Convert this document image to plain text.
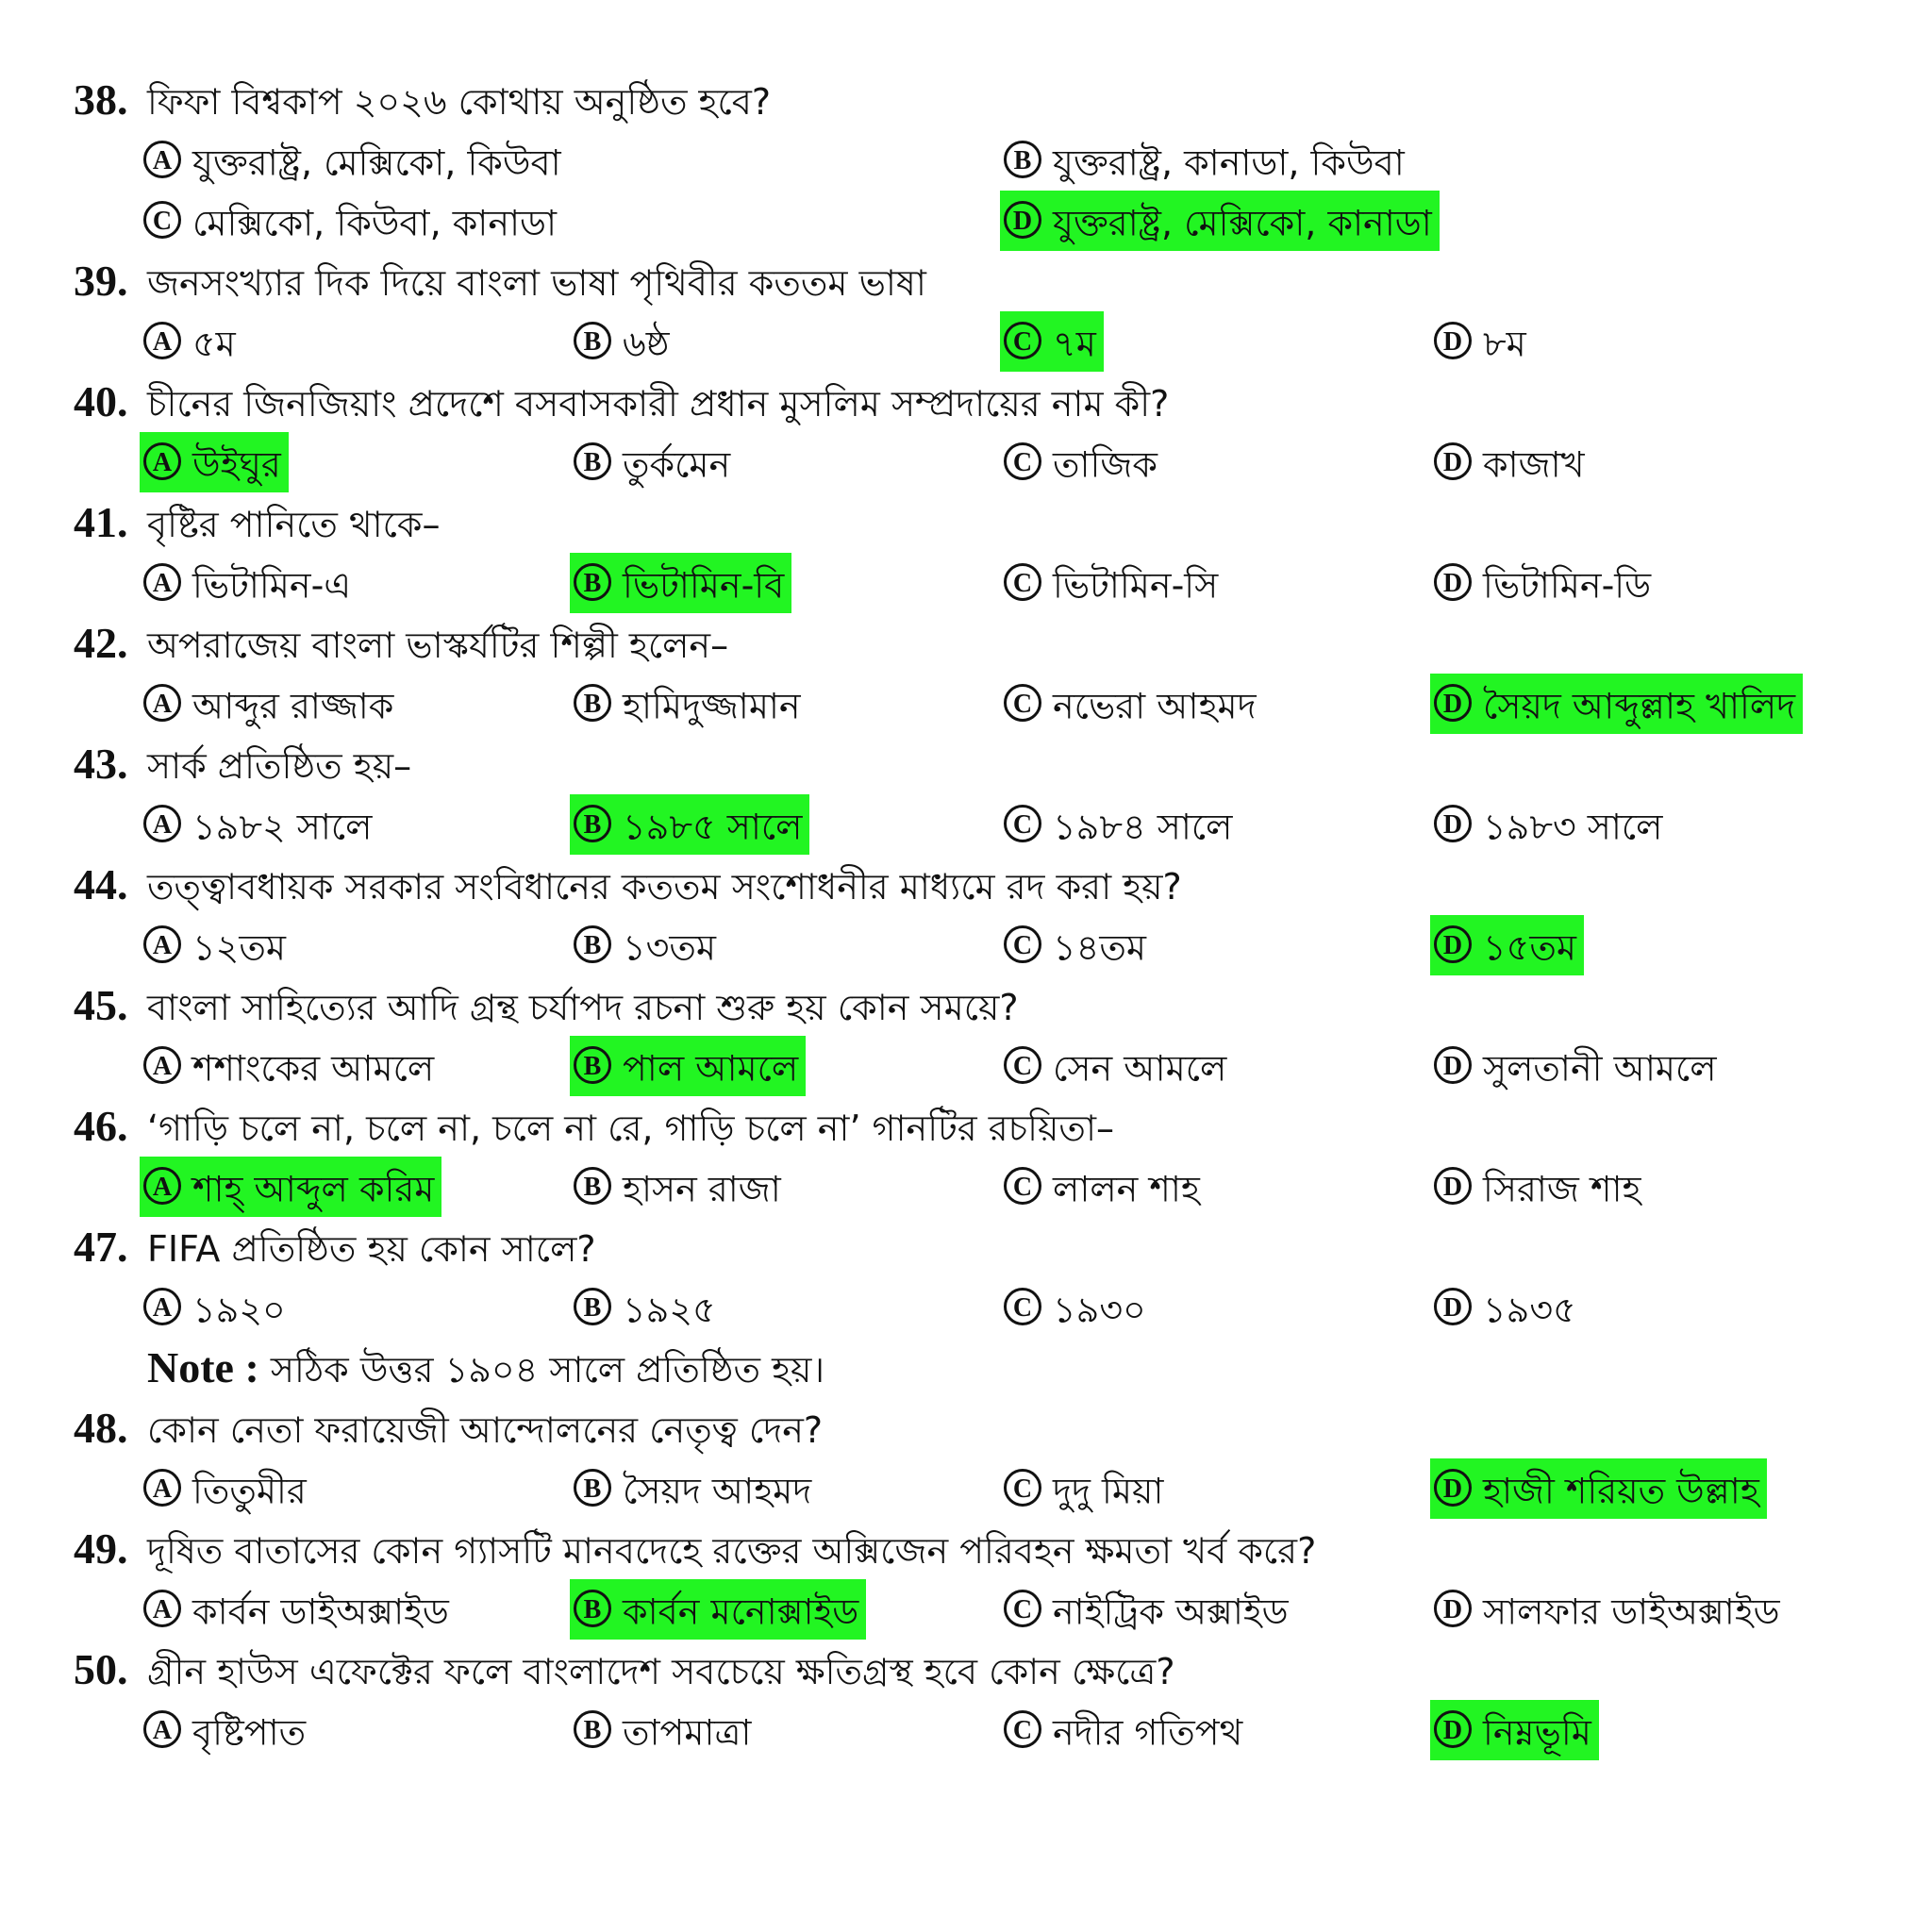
38. ফিফা বিশ্বকাপ ২০২৬ কোথায় অনুষ্ঠিত হবে?
A যুক্তরাষ্ট্র, মেক্সিকো, কিউবা	B যুক্তরাষ্ট্র, কানাডা, কিউবা
C মেক্সিকো, কিউবা, কানাডা	D যুক্তরাষ্ট্র, মেক্সিকো, কানাডা
39. জনসংখ্যার দিক দিয়ে বাংলা ভাষা পৃথিবীর কততম ভাষা
A ৫ম	B ৬ষ্ঠ	C ৭ম	D ৮ম
40. চীনের জিনজিয়াং প্রদেশে বসবাসকারী প্রধান মুসলিম সম্প্রদায়ের নাম কী?
A উইঘুর	B তুর্কমেন	C তাজিক	D কাজাখ
41. বৃষ্টির পানিতে থাকে–
A ভিটামিন-এ	B ভিটামিন-বি	C ভিটামিন-সি	D ভিটামিন-ডি
42. অপরাজেয় বাংলা ভাস্কর্যটির শিল্পী হলেন–
A আব্দুর রাজ্জাক	B হামিদুজ্জামান	C নভেরা আহমদ	D সৈয়দ আব্দুল্লাহ খালিদ
43. সার্ক প্রতিষ্ঠিত হয়–
A ১৯৮২ সালে	B ১৯৮৫ সালে	C ১৯৮৪ সালে	D ১৯৮৩ সালে
44. তত্ত্বাবধায়ক সরকার সংবিধানের কততম সংশোধনীর মাধ্যমে রদ করা হয়?
A ১২তম	B ১৩তম	C ১৪তম	D ১৫তম
45. বাংলা সাহিত্যের আদি গ্রন্থ চর্যাপদ রচনা শুরু হয় কোন সময়ে?
A শশাংকের আমলে	B পাল আমলে	C সেন আমলে	D সুলতানী আমলে
46. ‘গাড়ি চলে না, চলে না, চলে না রে, গাড়ি চলে না’ গানটির রচয়িতা–
A শাহ্ আব্দুল করিম	B হাসন রাজা	C লালন শাহ	D সিরাজ শাহ
47. FIFA প্রতিষ্ঠিত হয় কোন সালে?
A ১৯২০	B ১৯২৫	C ১৯৩০	D ১৯৩৫
Note : সঠিক উত্তর ১৯০৪ সালে প্রতিষ্ঠিত হয়।
48. কোন নেতা ফরায়েজী আন্দোলনের নেতৃত্ব দেন?
A তিতুমীর	B সৈয়দ আহমদ	C দুদু মিয়া	D হাজী শরিয়ত উল্লাহ
49. দূষিত বাতাসের কোন গ্যাসটি মানবদেহে রক্তের অক্সিজেন পরিবহন ক্ষমতা খর্ব করে?
A কার্বন ডাইঅক্সাইড	B কার্বন মনোক্সাইড	C নাইট্রিক অক্সাইড	D সালফার ডাইঅক্সাইড
50. গ্রীন হাউস এফেক্টের ফলে বাংলাদেশ সবচেয়ে ক্ষতিগ্রস্থ হবে কোন ক্ষেত্রে?
A বৃষ্টিপাত	B তাপমাত্রা	C নদীর গতিপথ	D নিম্নভূমি
